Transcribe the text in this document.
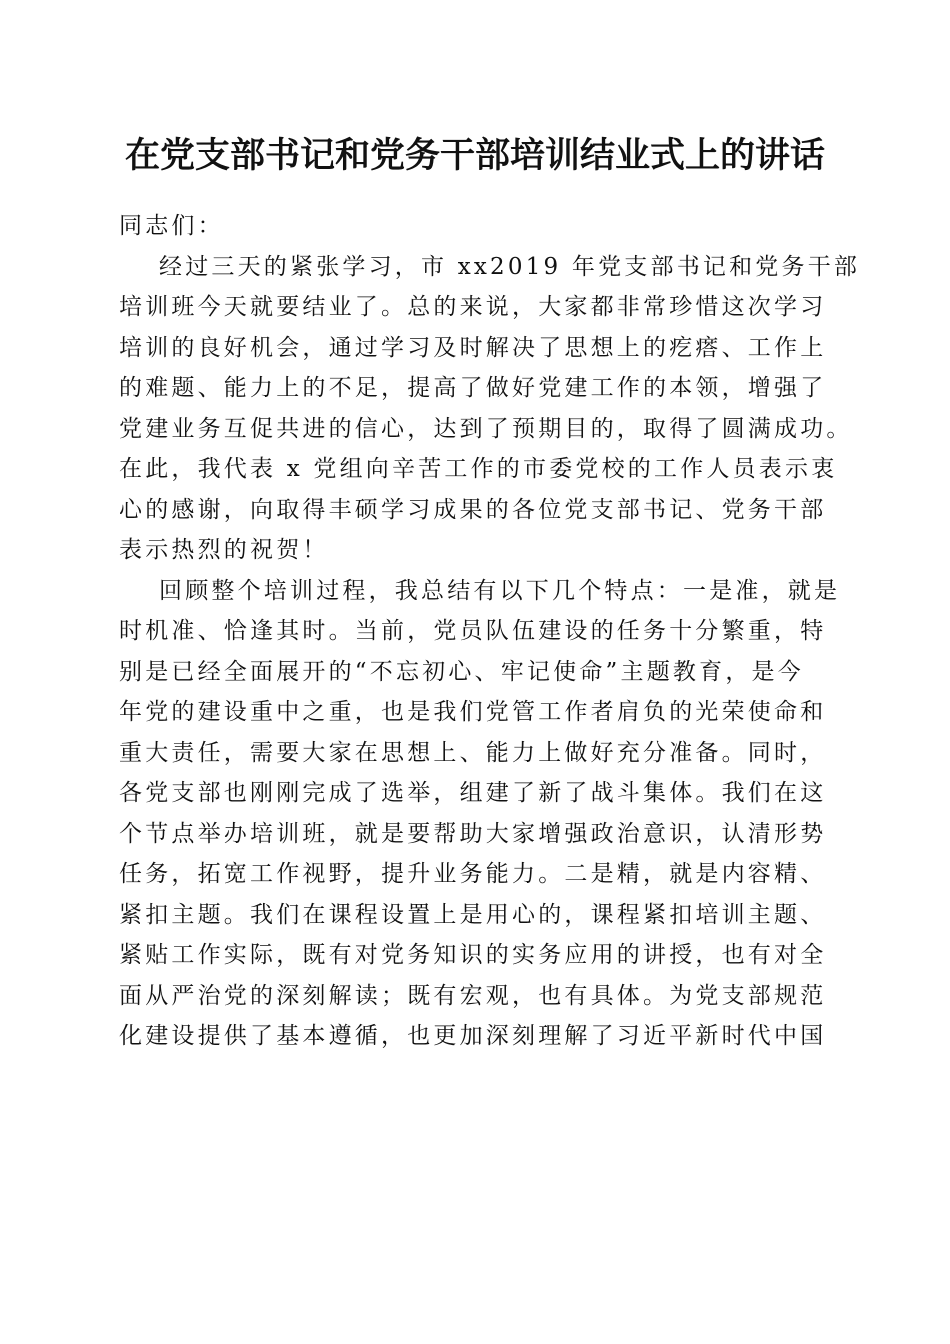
在党支部书记和党务干部培训结业式上的讲话

同志们：

经过三天的紧张学习，市 xx2019 年党支部书记和党务干部
培训班今天就要结业了。总的来说，大家都非常珍惜这次学习
培训的良好机会，通过学习及时解决了思想上的疙瘩、工作上
的难题、能力上的不足，提高了做好党建工作的本领，增强了
党建业务互促共进的信心，达到了预期目的，取得了圆满成功。
在此，我代表 x 党组向辛苦工作的市委党校的工作人员表示衷
心的感谢，向取得丰硕学习成果的各位党支部书记、党务干部
表示热烈的祝贺！

回顾整个培训过程，我总结有以下几个特点：一是准，就是
时机准、恰逢其时。当前，党员队伍建设的任务十分繁重，特
别是已经全面展开的“不忘初心、牢记使命”主题教育，是今
年党的建设重中之重，也是我们党管工作者肩负的光荣使命和
重大责任，需要大家在思想上、能力上做好充分准备。同时，
各党支部也刚刚完成了选举，组建了新了战斗集体。我们在这
个节点举办培训班，就是要帮助大家增强政治意识，认清形势
任务，拓宽工作视野，提升业务能力。二是精，就是内容精、
紧扣主题。我们在课程设置上是用心的，课程紧扣培训主题、
紧贴工作实际，既有对党务知识的实务应用的讲授，也有对全
面从严治党的深刻解读；既有宏观，也有具体。为党支部规范
化建设提供了基本遵循，也更加深刻理解了习近平新时代中国
